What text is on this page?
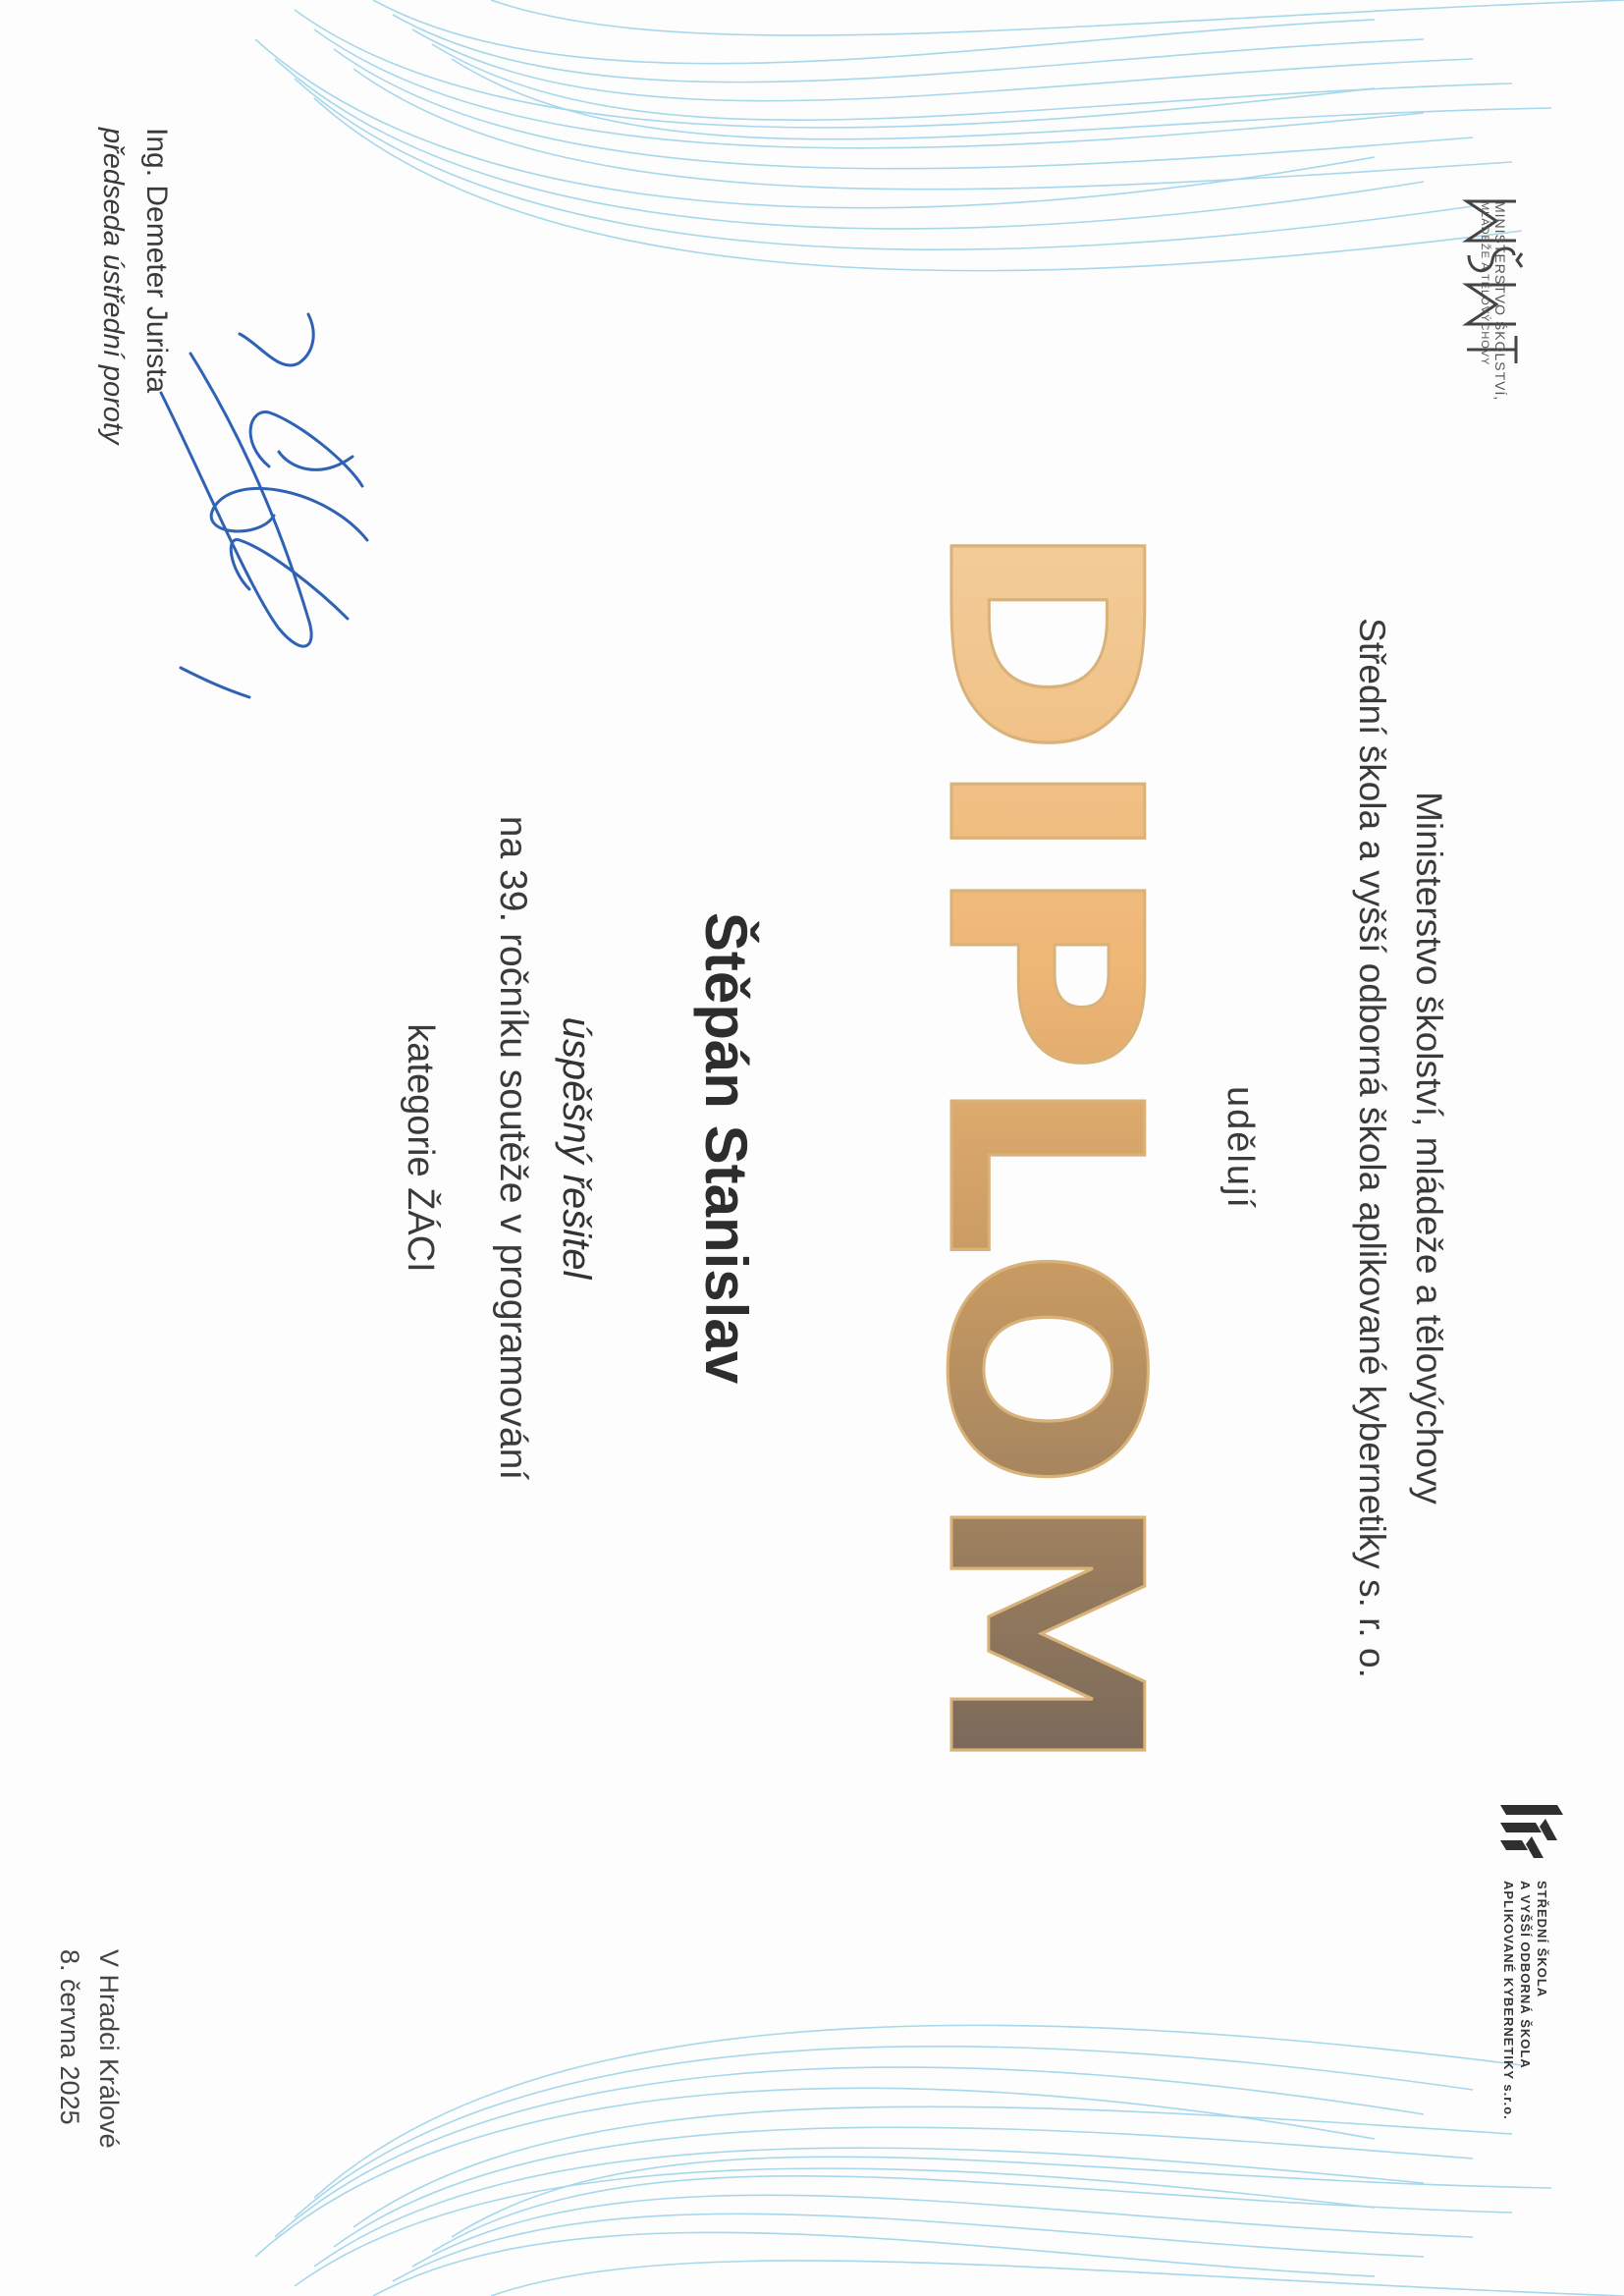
MINISTERSTVO ŠKOLSTVÍ,
MLÁDEŽE A TĚLOVÝCHOVY
STŘEDNÍ ŠKOLA
A VYŠŠÍ ODBORNÁ ŠKOLA
APLIKOVANÉ KYBERNETIKY s.r.o.
Ministerstvo školství, mládeže a tělovýchovy
Střední škola a vyšší odborná škola aplikované kybernetiky s. r. o.
udělují
DIPLOM
Štěpán Stanislav
úspěšný řešitel
na 39. ročníku soutěže v programování
kategorie ŽÁCI
Ing. Demeter Jurista
předseda ústřední poroty
V Hradci Králové
8. června 2025
